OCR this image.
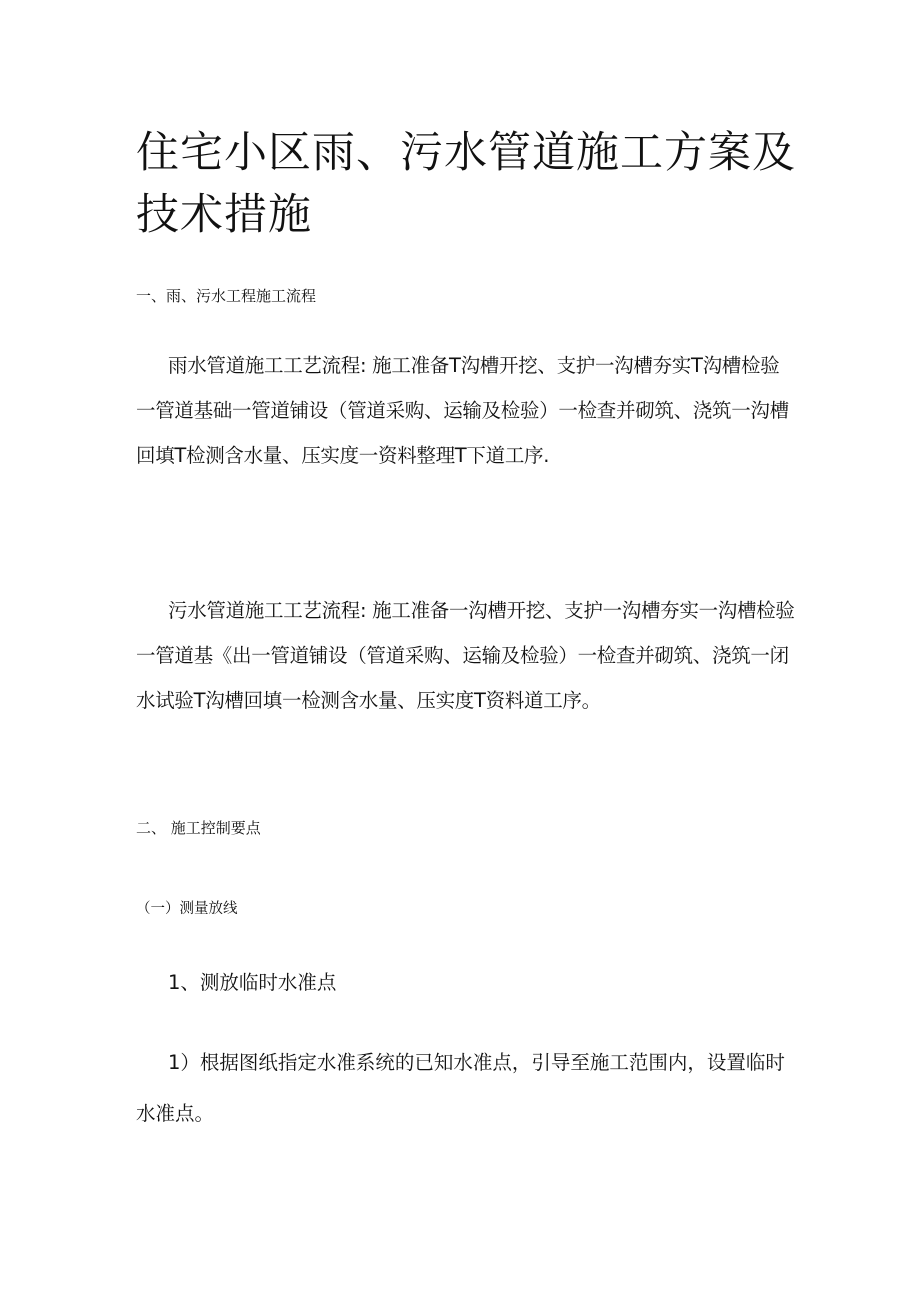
住宅小区雨、污水管道施工方案及技术措施

一、雨、污水工程施工流程

雨水管道施工工艺流程: 施工准备T沟槽开挖、支护一沟槽夯实T沟槽检验一管道基础一管道铺设（管道采购、运输及检验）一检查并砌筑、浇筑一沟槽回填T检测含水量、压实度一资料整理T下道工序.

污水管道施工工艺流程: 施工准备一沟槽开挖、支护一沟槽夯实一沟槽检验一管道基《出一管道铺设（管道采购、运输及检验）一检查并砌筑、浇筑一闭水试验T沟槽回填一检测含水量、压实度T资料道工序。

二、 施工控制要点

（一）测量放线

1、测放临时水准点

1）根据图纸指定水准系统的已知水准点，引导至施工范围内，设置临时水准点。
